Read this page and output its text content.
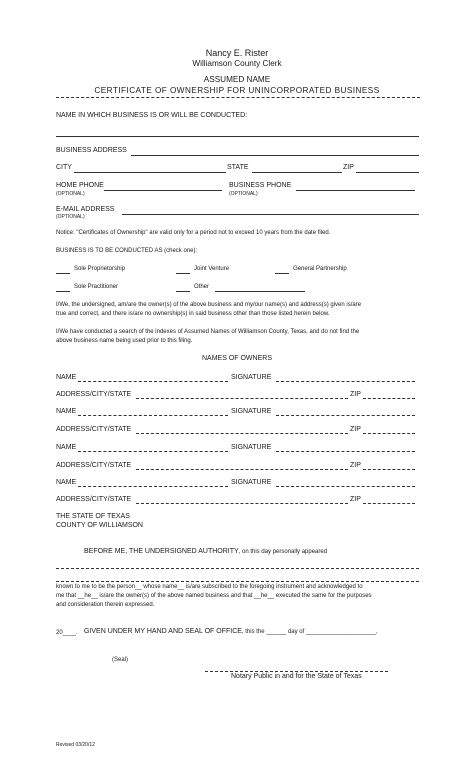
Nancy E. Rister
Williamson County Clerk
ASSUMED NAME
CERTIFICATE OF OWNERSHIP FOR UNINCORPORATED BUSINESS
NAME IN WHICH BUSINESS IS OR WILL BE CONDUCTED:
BUSINESS ADDRESS
CITY	STATE	ZIP
HOME PHONE
(OPTIONAL)
BUSINESS PHONE
(OPTIONAL)
E-MAIL ADDRESS
(OPTIONAL)
Notice: "Certificates of Ownership" are valid only for a period not to exceed 10 years from the date filed.
BUSINESS IS TO BE CONDUCTED AS (check one):
Sole Proprietorship	Joint Venture	General Partnership
Sole Practitioner	Other
I/We, the undersigned, am/are the owner(s) of the above business and my/our name(s) and address(s) given is/are
true and correct, and there is/are no ownership(s) in said business other than those listed herein below.
I/We have conducted a search of the indexes of Assumed Names of Williamson County, Texas, and do not find the
above business name being used prior to this filing.
NAMES OF OWNERS
NAME	SIGNATURE
ADDRESS/CITY/STATE	ZIP
NAME	SIGNATURE
ADDRESS/CITY/STATE	ZIP
NAME	SIGNATURE
ADDRESS/CITY/STATE	ZIP
NAME	SIGNATURE
ADDRESS/CITY/STATE	ZIP
THE STATE OF TEXAS
COUNTY OF WILLIAMSON
BEFORE ME, THE UNDERSIGNED AUTHORITY, on this day personally appeared
known to me to be the person__ whose name__ is/are subscribed to the foregoing instrument and acknowledged to
me that __he__ is/are the owner(s) of the above named business and that __he__ executed the same for the purposes
and consideration therein expressed.
GIVEN UNDER MY HAND AND SEAL OF OFFICE, this the ______ day of _____________________,
20____.
(Seal)
Notary Public in and for the State of Texas
Revised 03/20/12
